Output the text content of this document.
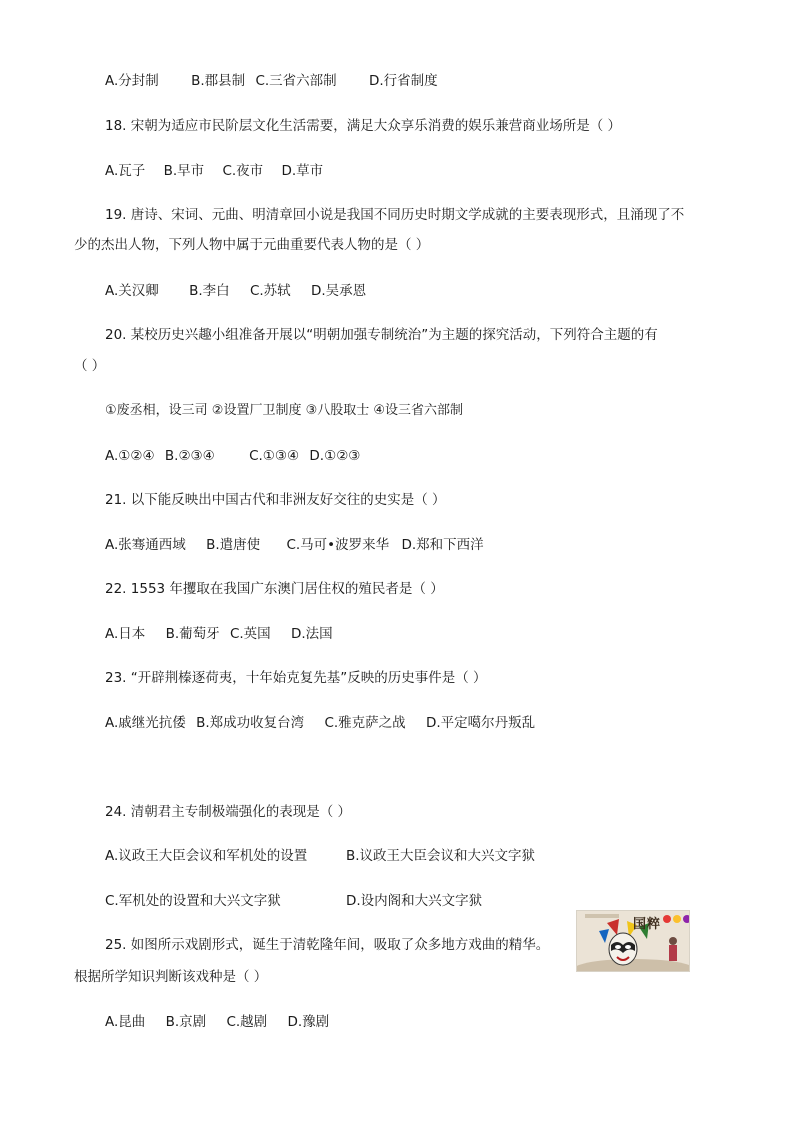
A.分封制 B.郡县制 C.三省六部制 D.行省制度
18. 宋朝为适应市民阶层文化生活需要，满足大众享乐消费的娱乐兼营商业场所是（ ）
A.瓦子 B.早市 C.夜市 D.草市
19. 唐诗、宋词、元曲、明清章回小说是我国不同历史时期文学成就的主要表现形式，且涌现了不
少的杰出人物，下列人物中属于元曲重要代表人物的是（ ）
A.关汉卿 B.李白 C.苏轼 D.吴承恩
20. 某校历史兴趣小组准备开展以“明朝加强专制统治”为主题的探究活动，下列符合主题的有
（ ）
①废丞相，设三司 ②设置厂卫制度 ③八股取士 ④设三省六部制
A.①②④ B.②③④	C.①③④ D.①②③
21. 以下能反映出中国古代和非洲友好交往的史实是（ ）
A.张骞通西域 B.遣唐使 C.马可•波罗来华 D.郑和下西洋
22. 1553 年攫取在我国广东澳门居住权的殖民者是（ ）
A.日本 B.葡萄牙 C.英国 D.法国
23. “开辟荆榛逐荷夷，十年始克复先基”反映的历史事件是（ ）
A.戚继光抗倭 B.郑成功收复台湾 C.雅克萨之战 D.平定噶尔丹叛乱
24. 清朝君主专制极端强化的表现是（ ）
A.议政王大臣会议和军机处的设置	B.议政王大臣会议和大兴文字狱
C.军机处的设置和大兴文字狱	D.设内阁和大兴文字狱
25. 如图所示戏剧形式，诞生于清乾隆年间，吸取了众多地方戏曲的精华。
根据所学知识判断该戏种是（ ）
A.昆曲 B.京剧 C.越剧 D.豫剧
国粹
